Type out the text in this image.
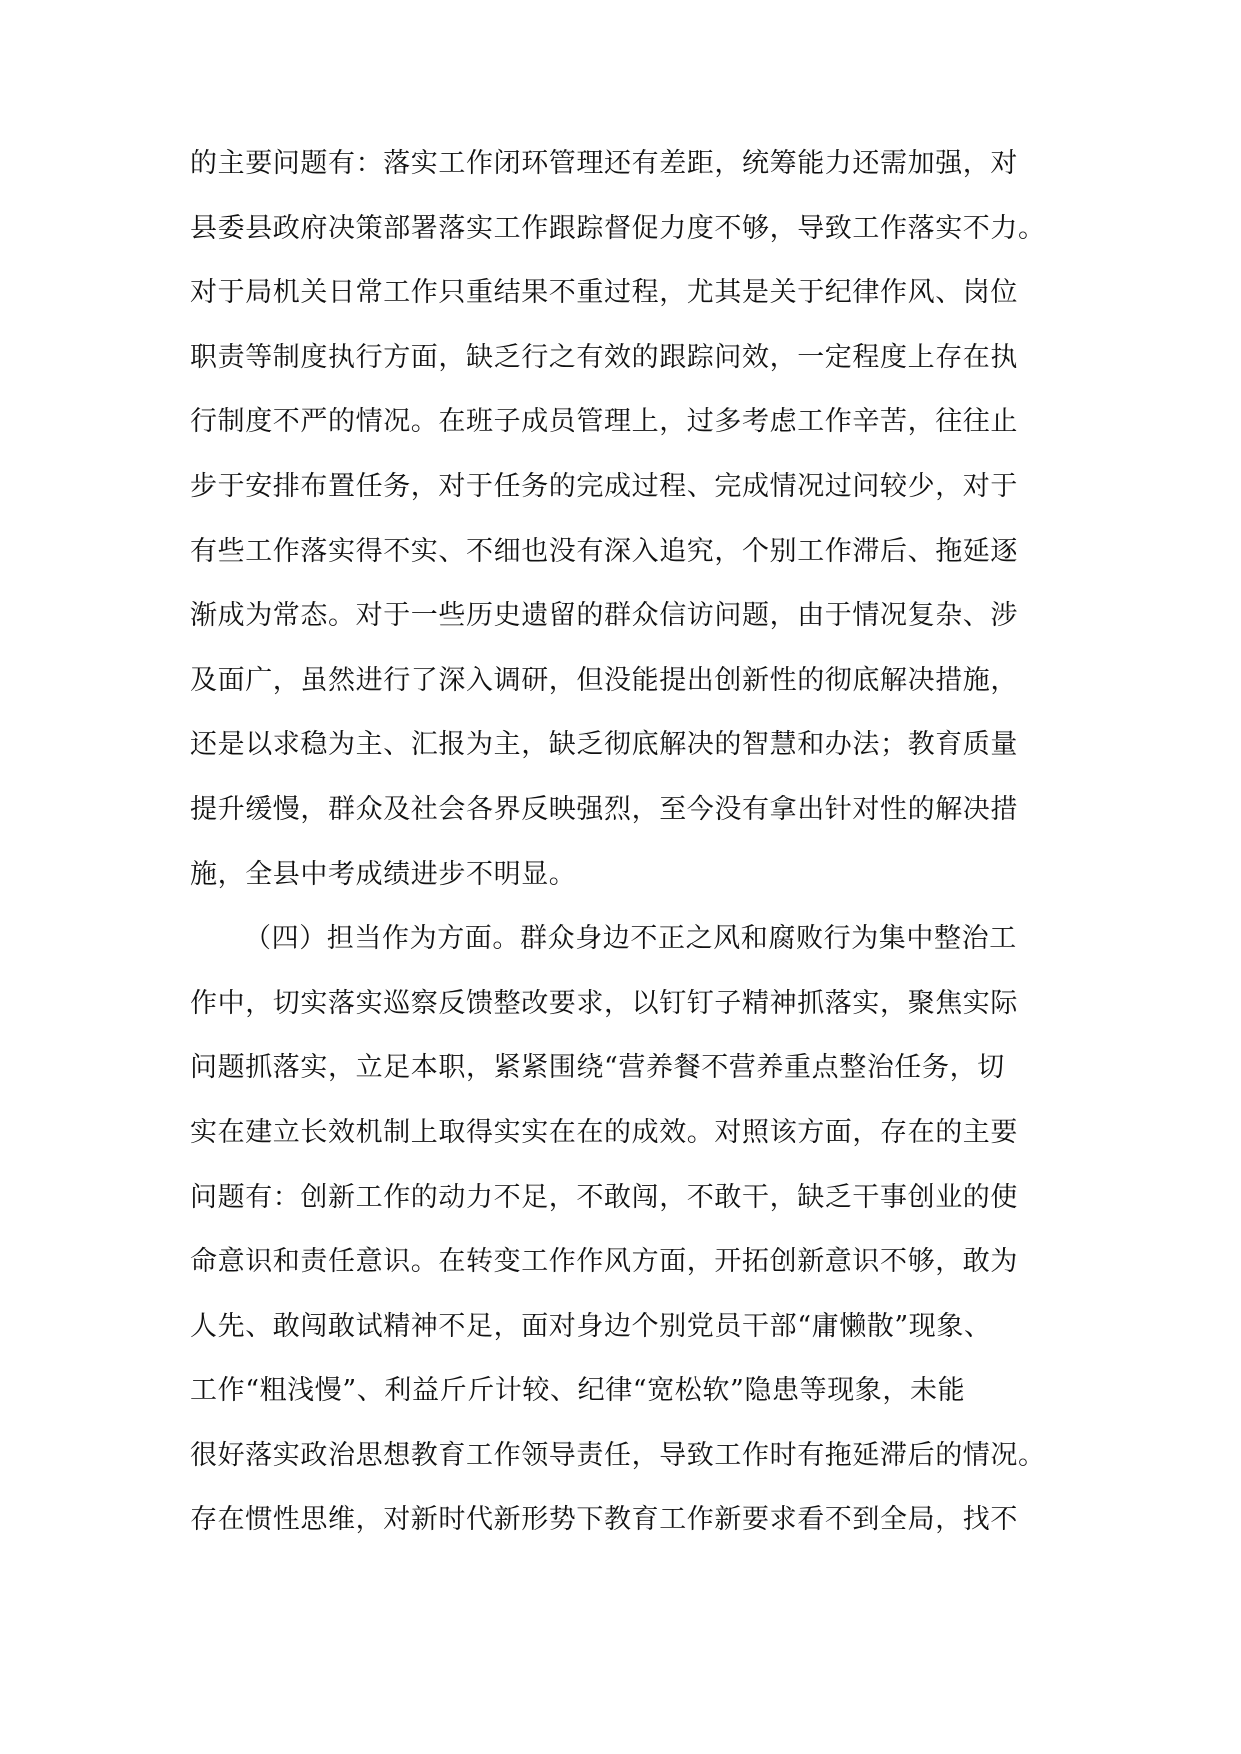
的主要问题有：落实工作闭环管理还有差距，统筹能力还需加强，对
县委县政府决策部署落实工作跟踪督促力度不够，导致工作落实不力。
对于局机关日常工作只重结果不重过程，尤其是关于纪律作风、岗位
职责等制度执行方面，缺乏行之有效的跟踪问效，一定程度上存在执
行制度不严的情况。在班子成员管理上，过多考虑工作辛苦，往往止
步于安排布置任务，对于任务的完成过程、完成情况过问较少，对于
有些工作落实得不实、不细也没有深入追究，个别工作滞后、拖延逐
渐成为常态。对于一些历史遗留的群众信访问题，由于情况复杂、涉
及面广，虽然进行了深入调研，但没能提出创新性的彻底解决措施，
还是以求稳为主、汇报为主，缺乏彻底解决的智慧和办法；教育质量
提升缓慢，群众及社会各界反映强烈，至今没有拿出针对性的解决措
施，全县中考成绩进步不明显。
（四）担当作为方面。群众身边不正之风和腐败行为集中整治工
作中，切实落实巡察反馈整改要求，以钉钉子精神抓落实，聚焦实际
问题抓落实，立足本职，紧紧围绕“营养餐不营养重点整治任务，切
实在建立长效机制上取得实实在在的成效。对照该方面，存在的主要
问题有：创新工作的动力不足，不敢闯，不敢干，缺乏干事创业的使
命意识和责任意识。在转变工作作风方面，开拓创新意识不够，敢为
人先、敢闯敢试精神不足，面对身边个别党员干部“庸懒散”现象、
工作“粗浅慢”、利益斤斤计较、纪律“宽松软”隐患等现象，未能
很好落实政治思想教育工作领导责任，导致工作时有拖延滞后的情况。
存在惯性思维，对新时代新形势下教育工作新要求看不到全局，找不
